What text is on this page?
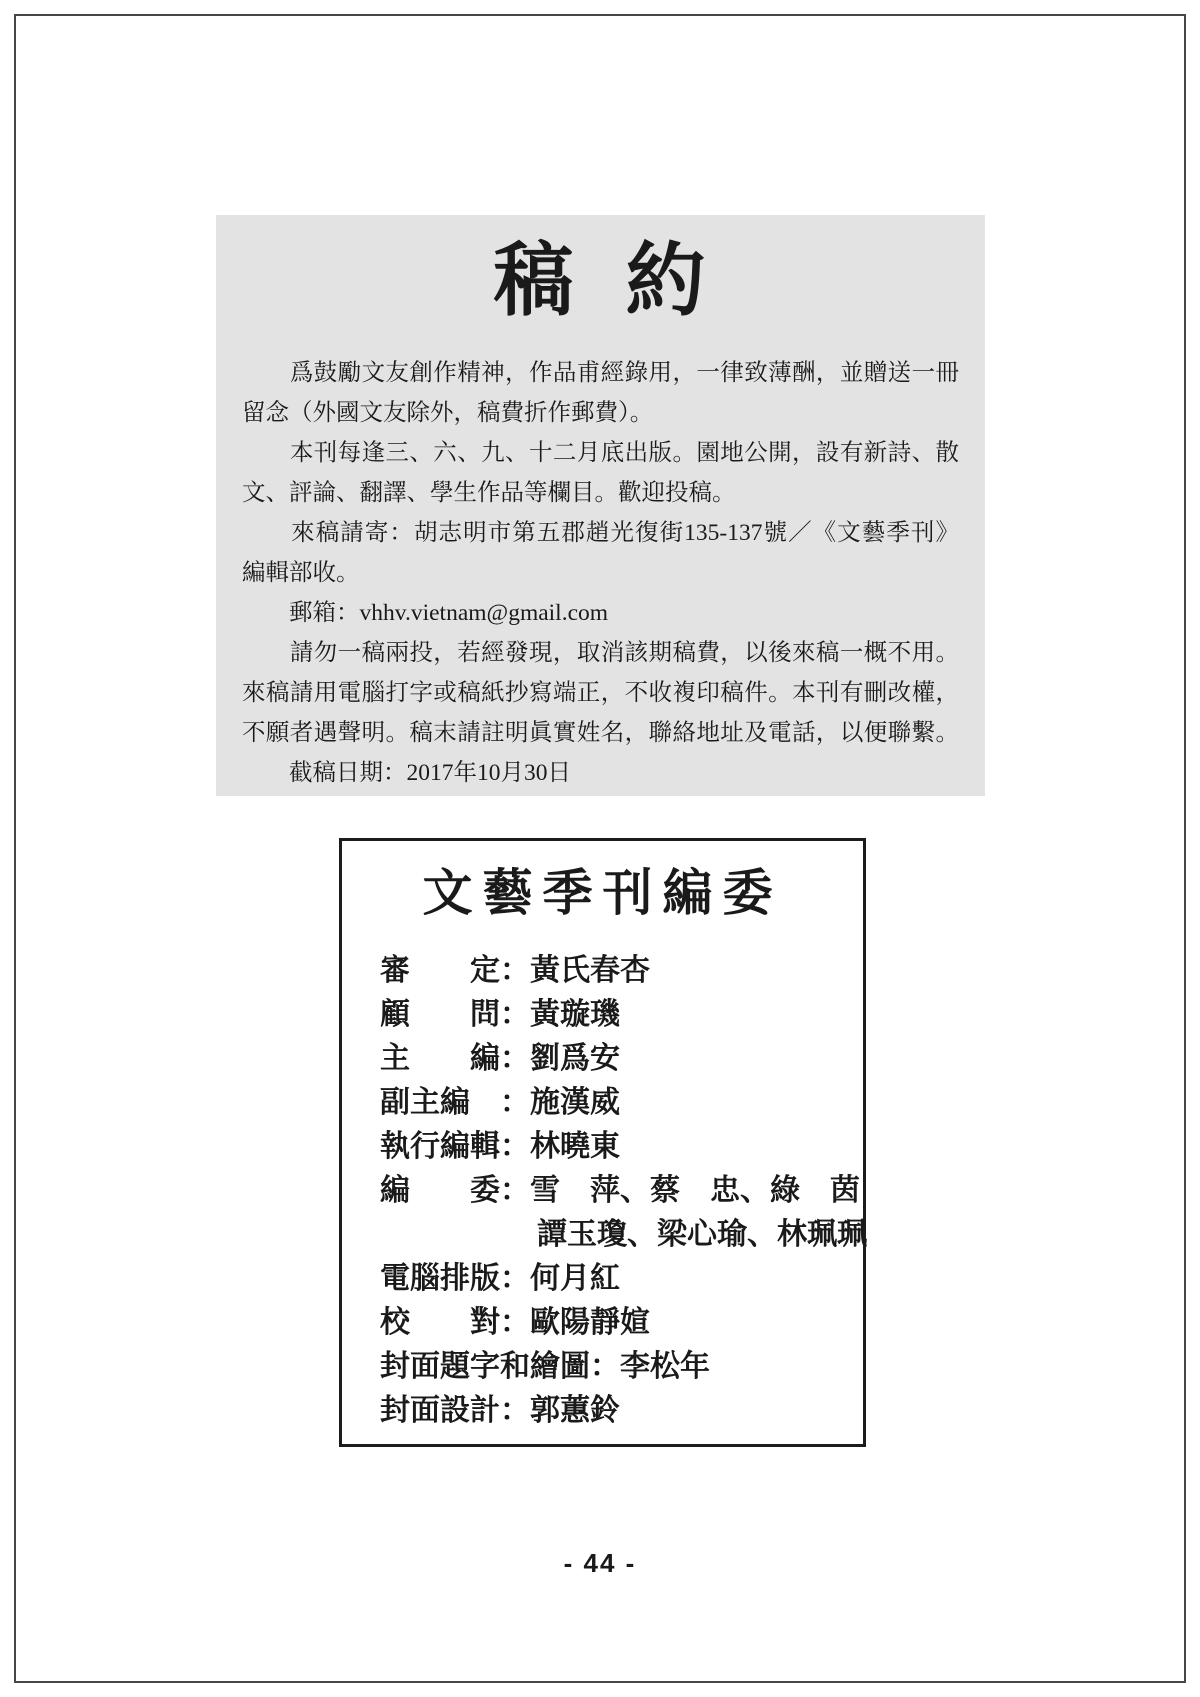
稿 約
　　爲鼓勵文友創作精神，作品甫經錄用，一律致薄酬，並贈送一冊
留念（外國文友除外，稿費折作郵費）。
　　本刊每逢三、六、九、十二月底出版。園地公開，設有新詩、散
文、評論、翻譯、學生作品等欄目。歡迎投稿。
　　來稿請寄：胡志明市第五郡趙光復街135-137號／《文藝季刊》
編輯部收。
　　郵箱：vhhv.vietnam@gmail.com
　　請勿一稿兩投，若經發現，取消該期稿費，以後來稿一概不用。
來稿請用電腦打字或稿紙抄寫端正，不收複印稿件。本刊有刪改權，
不願者遇聲明。稿末請註明眞實姓名，聯絡地址及電話，以便聯繫。
　　截稿日期：2017年10月30日
文藝季刊編委
審　　定：黃氏春杏
顧　　問：黃璇璣
主　　編：劉爲安
副主編　：施漢威
執行編輯：林曉東
編　　委：雪　萍、蔡　忠、綠　茵
譚玉瓊、梁心瑜、林珮珮
電腦排版：何月紅
校　　對：歐陽靜媗
封面題字和繪圖：李松年
封面設計：郭蕙鈴
- 44 -
